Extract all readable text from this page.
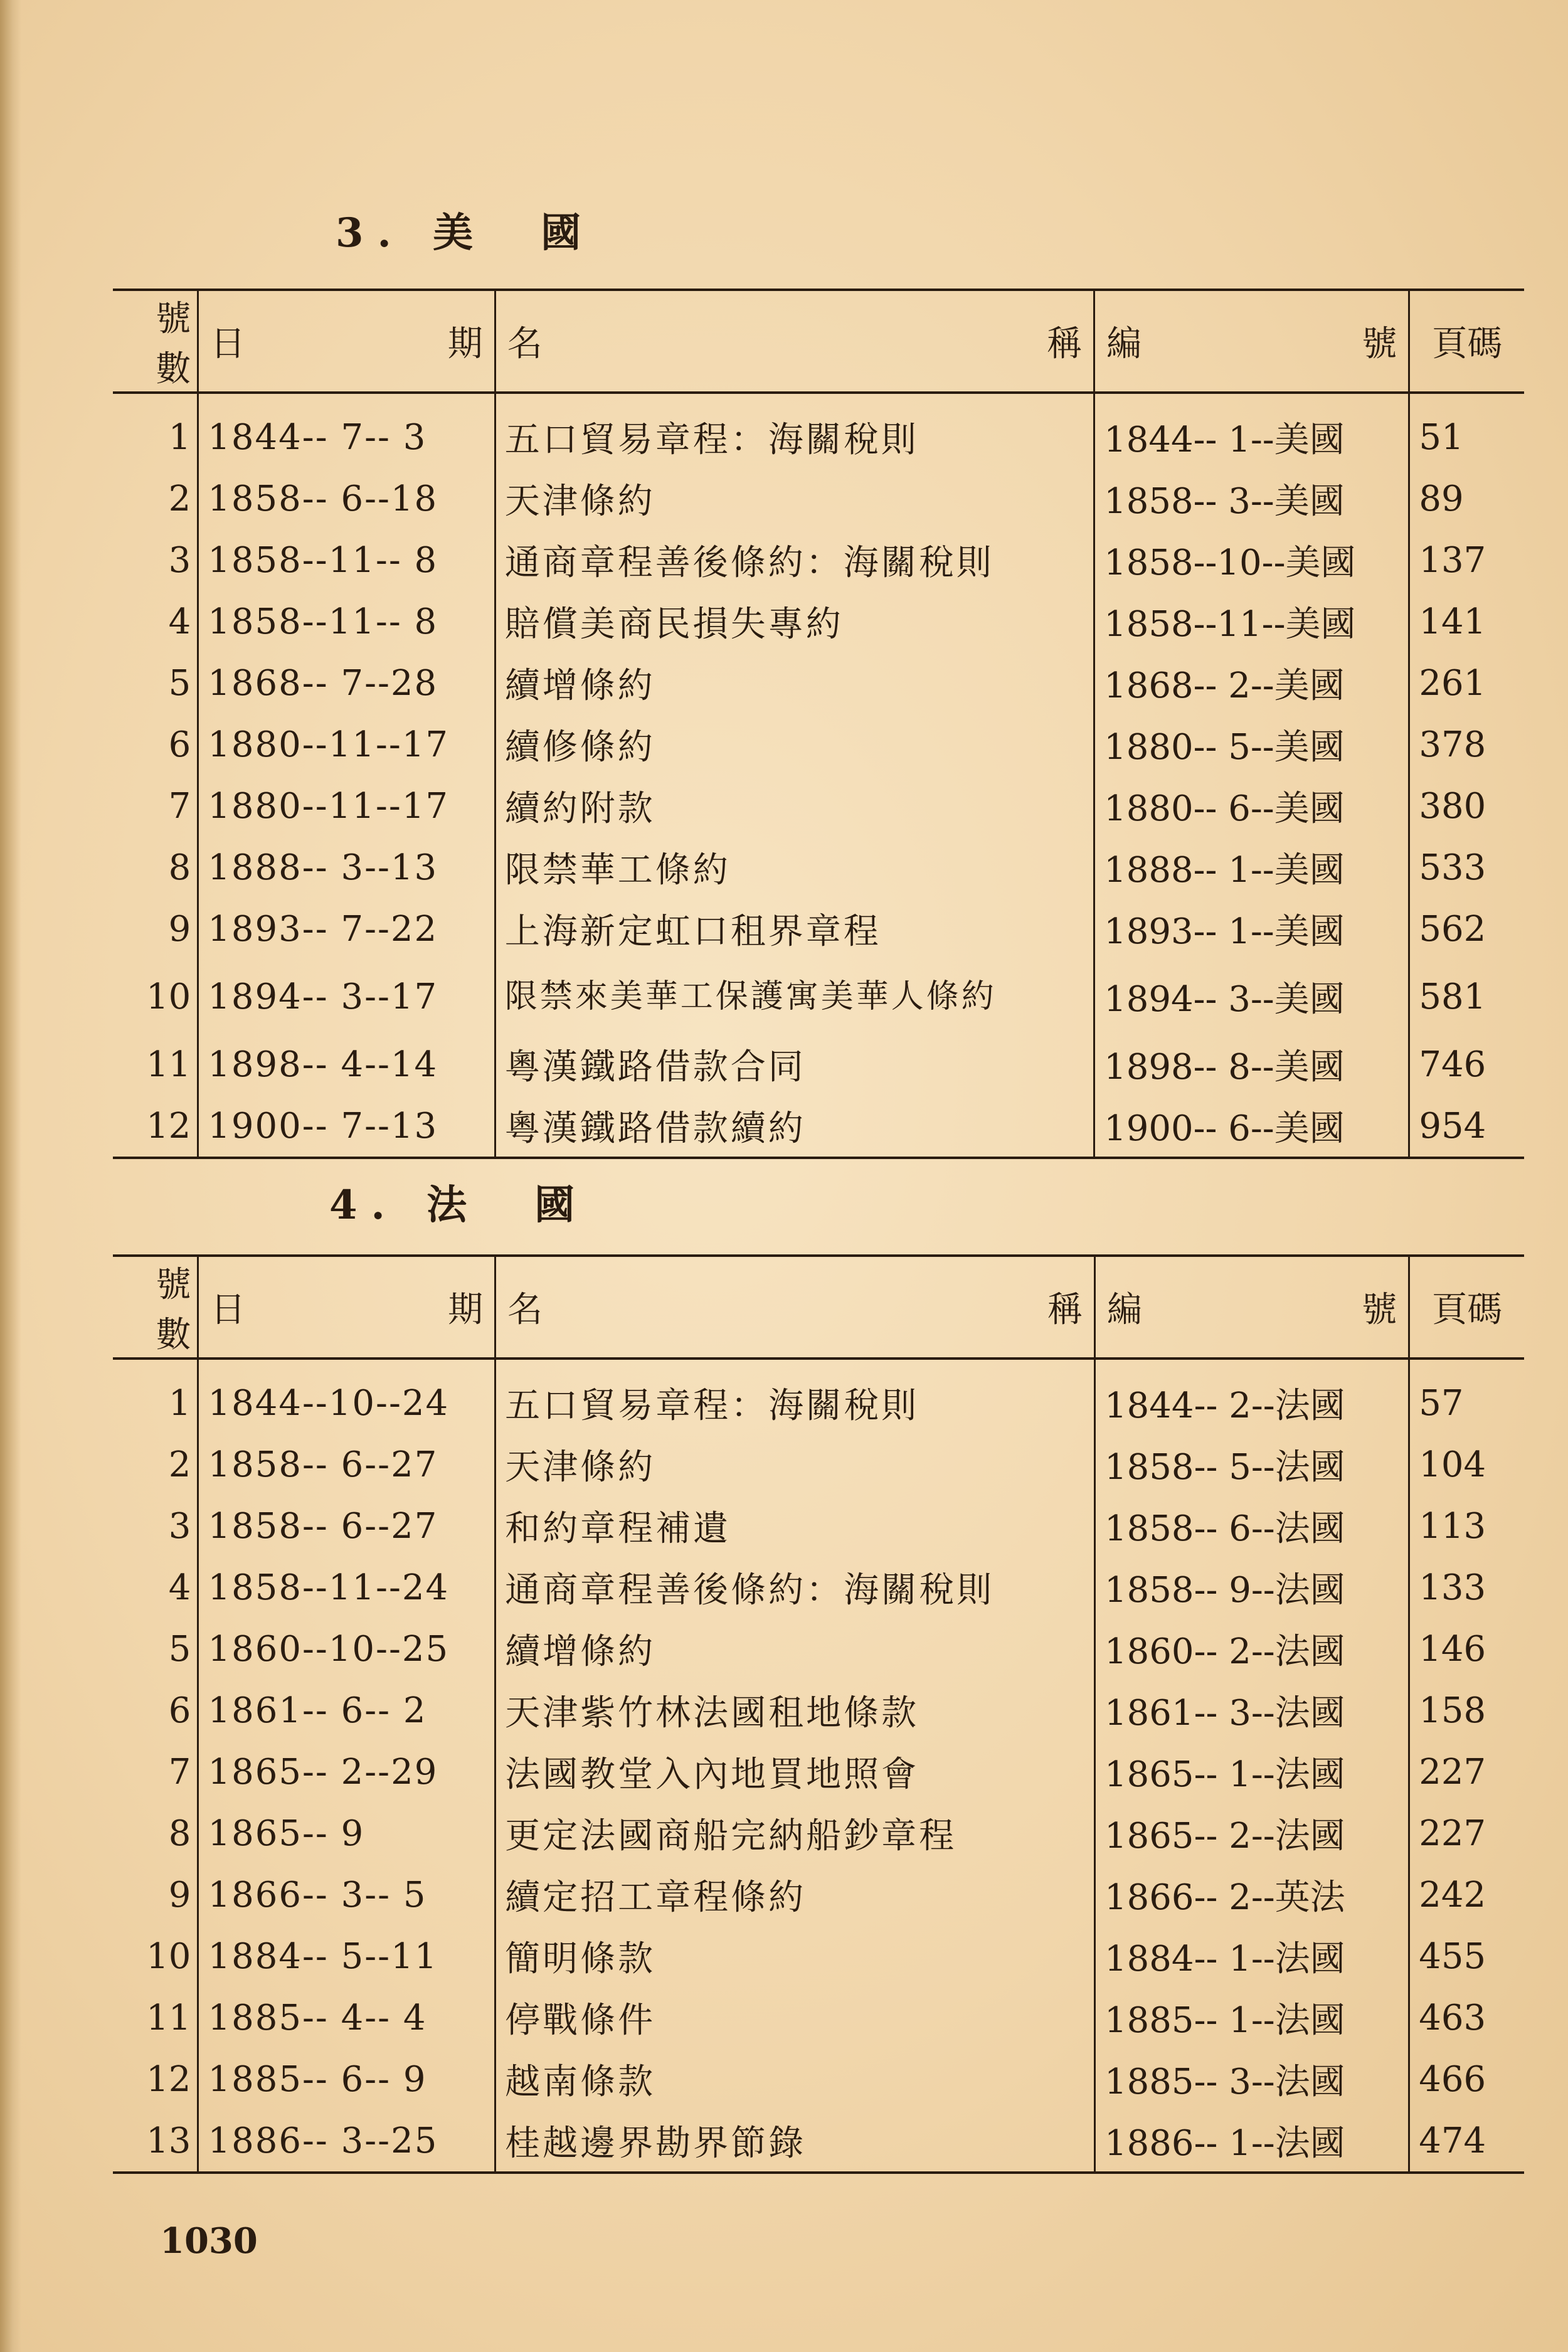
3. 美　國
號數	日 期	名 稱	編 號	頁碼
1	1844-- 7-- 3	五口貿易章程：海關稅則	1844-- 1--美國	51
2	1858-- 6--18	天津條約	1858-- 3--美國	89
3	1858--11-- 8	通商章程善後條約：海關稅則	1858--10--美國	137
4	1858--11-- 8	賠償美商民損失專約	1858--11--美國	141
5	1868-- 7--28	續增條約	1868-- 2--美國	261
6	1880--11--17	續修條約	1880-- 5--美國	378
7	1880--11--17	續約附款	1880-- 6--美國	380
8	1888-- 3--13	限禁華工條約	1888-- 1--美國	533
9	1893-- 7--22	上海新定虹口租界章程	1893-- 1--美國	562
10	1894-- 3--17	限禁來美華工保護寓美華人條約	1894-- 3--美國	581
11	1898-- 4--14	粵漢鐵路借款合同	1898-- 8--美國	746
12	1900-- 7--13	粵漢鐵路借款續約	1900-- 6--美國	954
4. 法　國
號數	日 期	名 稱	編 號	頁碼
1	1844--10--24	五口貿易章程：海關稅則	1844-- 2--法國	57
2	1858-- 6--27	天津條約	1858-- 5--法國	104
3	1858-- 6--27	和約章程補遺	1858-- 6--法國	113
4	1858--11--24	通商章程善後條約：海關稅則	1858-- 9--法國	133
5	1860--10--25	續增條約	1860-- 2--法國	146
6	1861-- 6-- 2	天津紫竹林法國租地條款	1861-- 3--法國	158
7	1865-- 2--29	法國教堂入內地買地照會	1865-- 1--法國	227
8	1865-- 9	更定法國商船完納船鈔章程	1865-- 2--法國	227
9	1866-- 3-- 5	續定招工章程條約	1866-- 2--英法	242
10	1884-- 5--11	簡明條款	1884-- 1--法國	455
11	1885-- 4-- 4	停戰條件	1885-- 1--法國	463
12	1885-- 6-- 9	越南條款	1885-- 3--法國	466
13	1886-- 3--25	桂越邊界勘界節錄	1886-- 1--法國	474
1030
